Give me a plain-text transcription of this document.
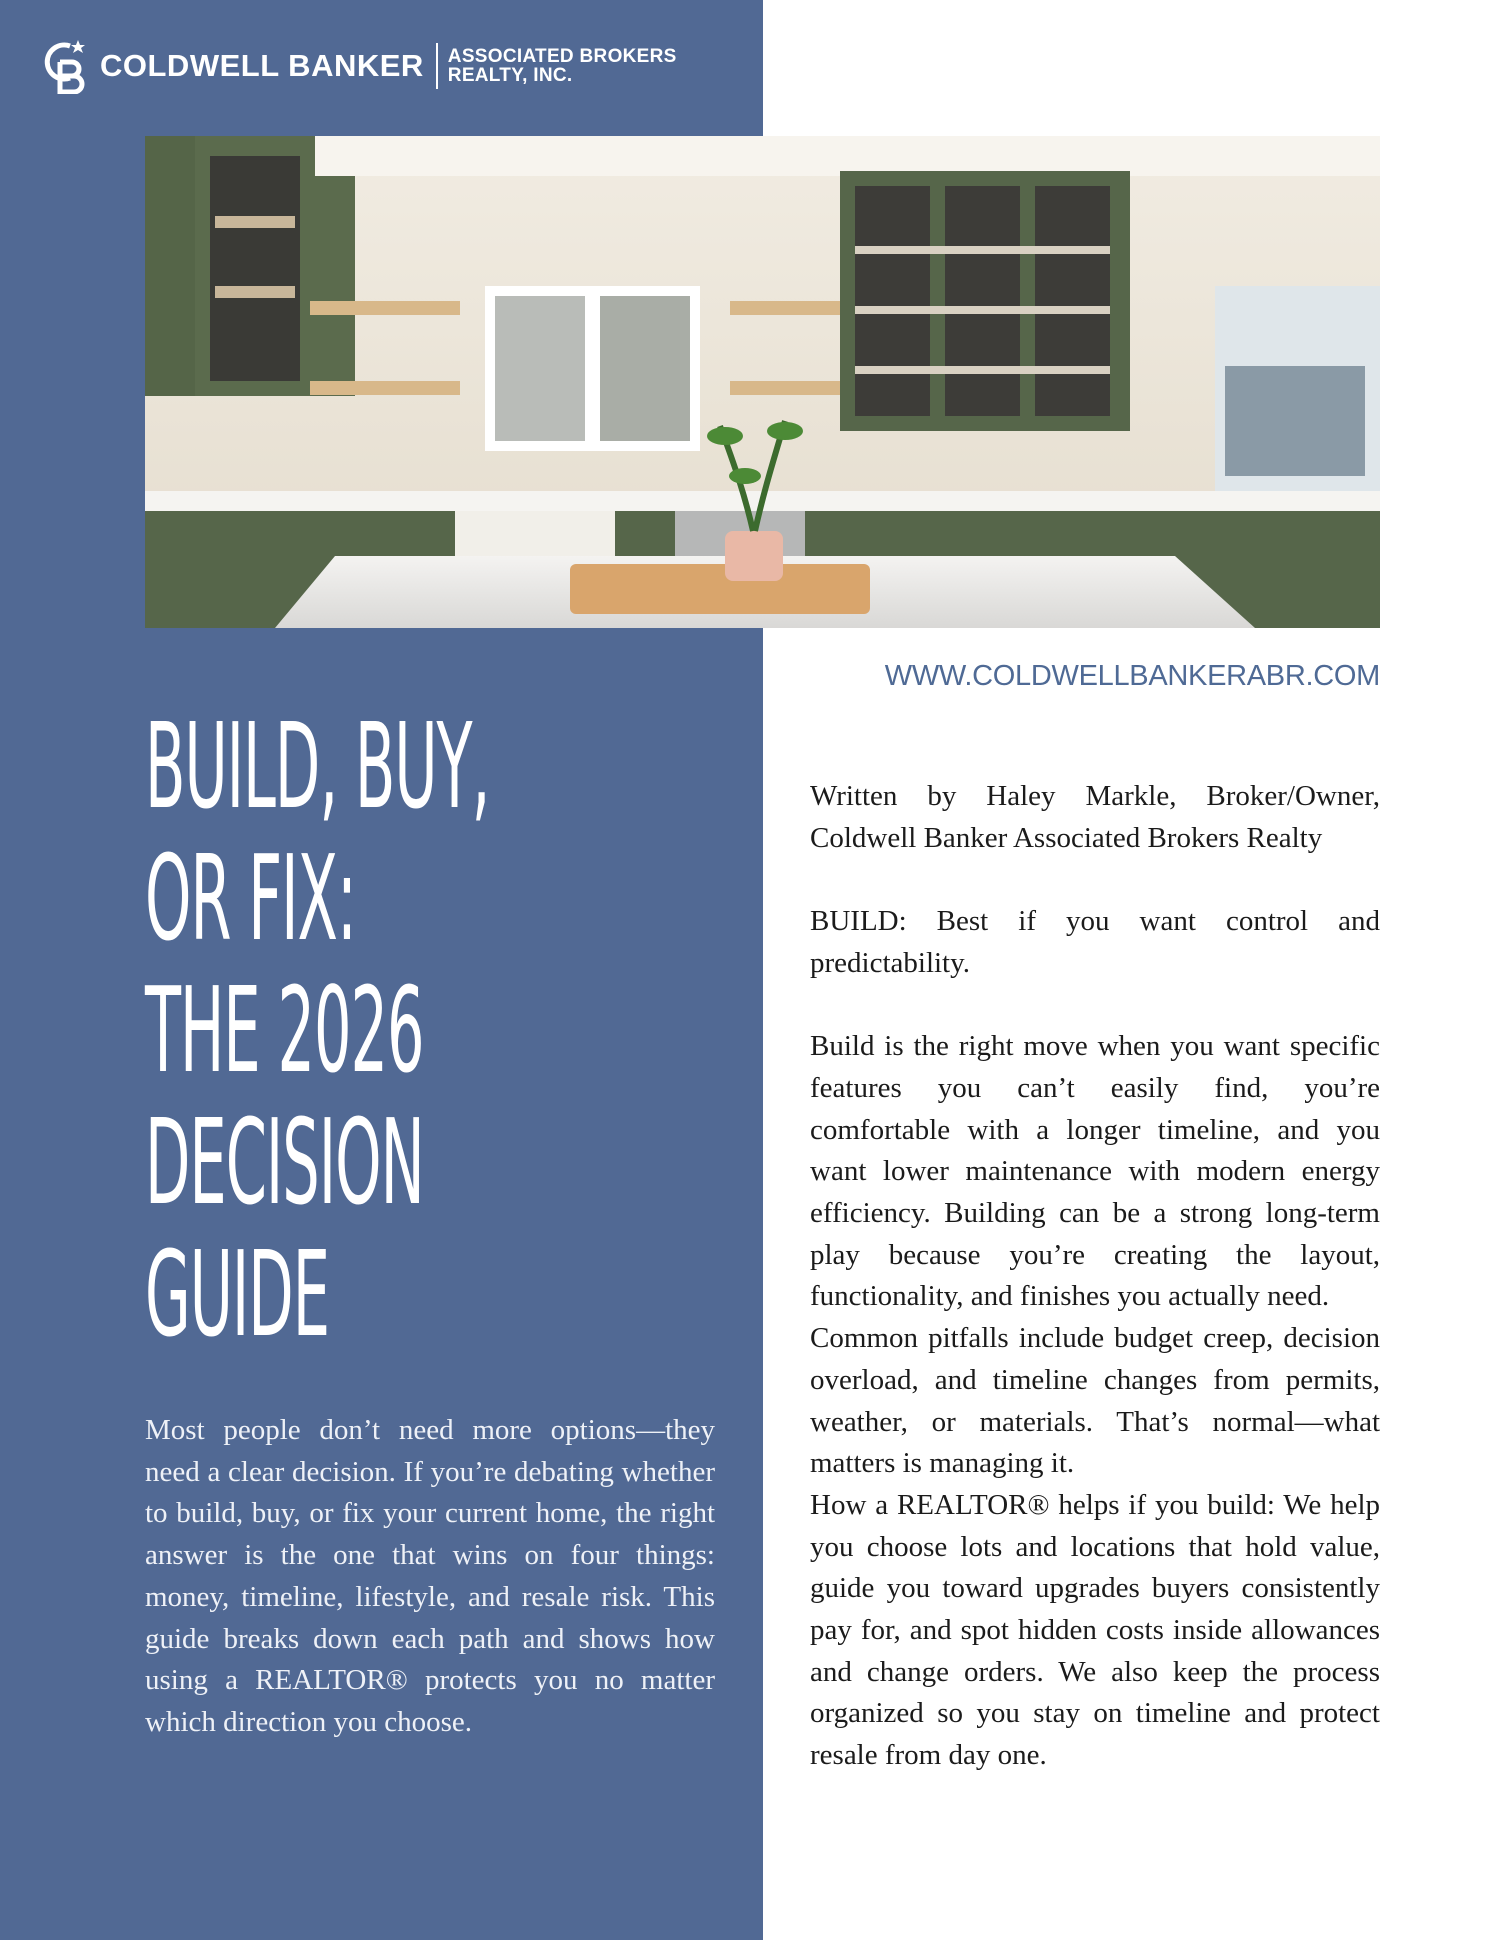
COLDWELL BANKER ASSOCIATED BROKERS
REALTY, INC.
WWW.COLDWELLBANKERABR.COM
BUILD, BUY,
OR FIX:
THE 2026
DECISION
GUIDE

Most people don’t need more options—they need a clear decision. If you’re debating whether to build, buy, or fix your current home, the right answer is the one that wins on four things: money, timeline, lifestyle, and resale risk. This guide breaks down each path and shows how using a REALTOR® protects you no matter which direction you choose.

Written by Haley Markle, Broker/Owner, Coldwell Banker Associated Brokers Realty

BUILD: Best if you want control and predictability.

Build is the right move when you want specific features you can’t easily find, you’re comfortable with a longer timeline, and you want lower maintenance with modern energy efficiency. Building can be a strong long-term play because you’re creating the layout, functionality, and finishes you actually need.

Common pitfalls include budget creep, decision overload, and timeline changes from permits, weather, or materials. That’s normal—what matters is managing it.

How a REALTOR® helps if you build: We help you choose lots and locations that hold value, guide you toward upgrades buyers consistently pay for, and spot hidden costs inside allowances and change orders. We also keep the process organized so you stay on timeline and protect resale from day one.
